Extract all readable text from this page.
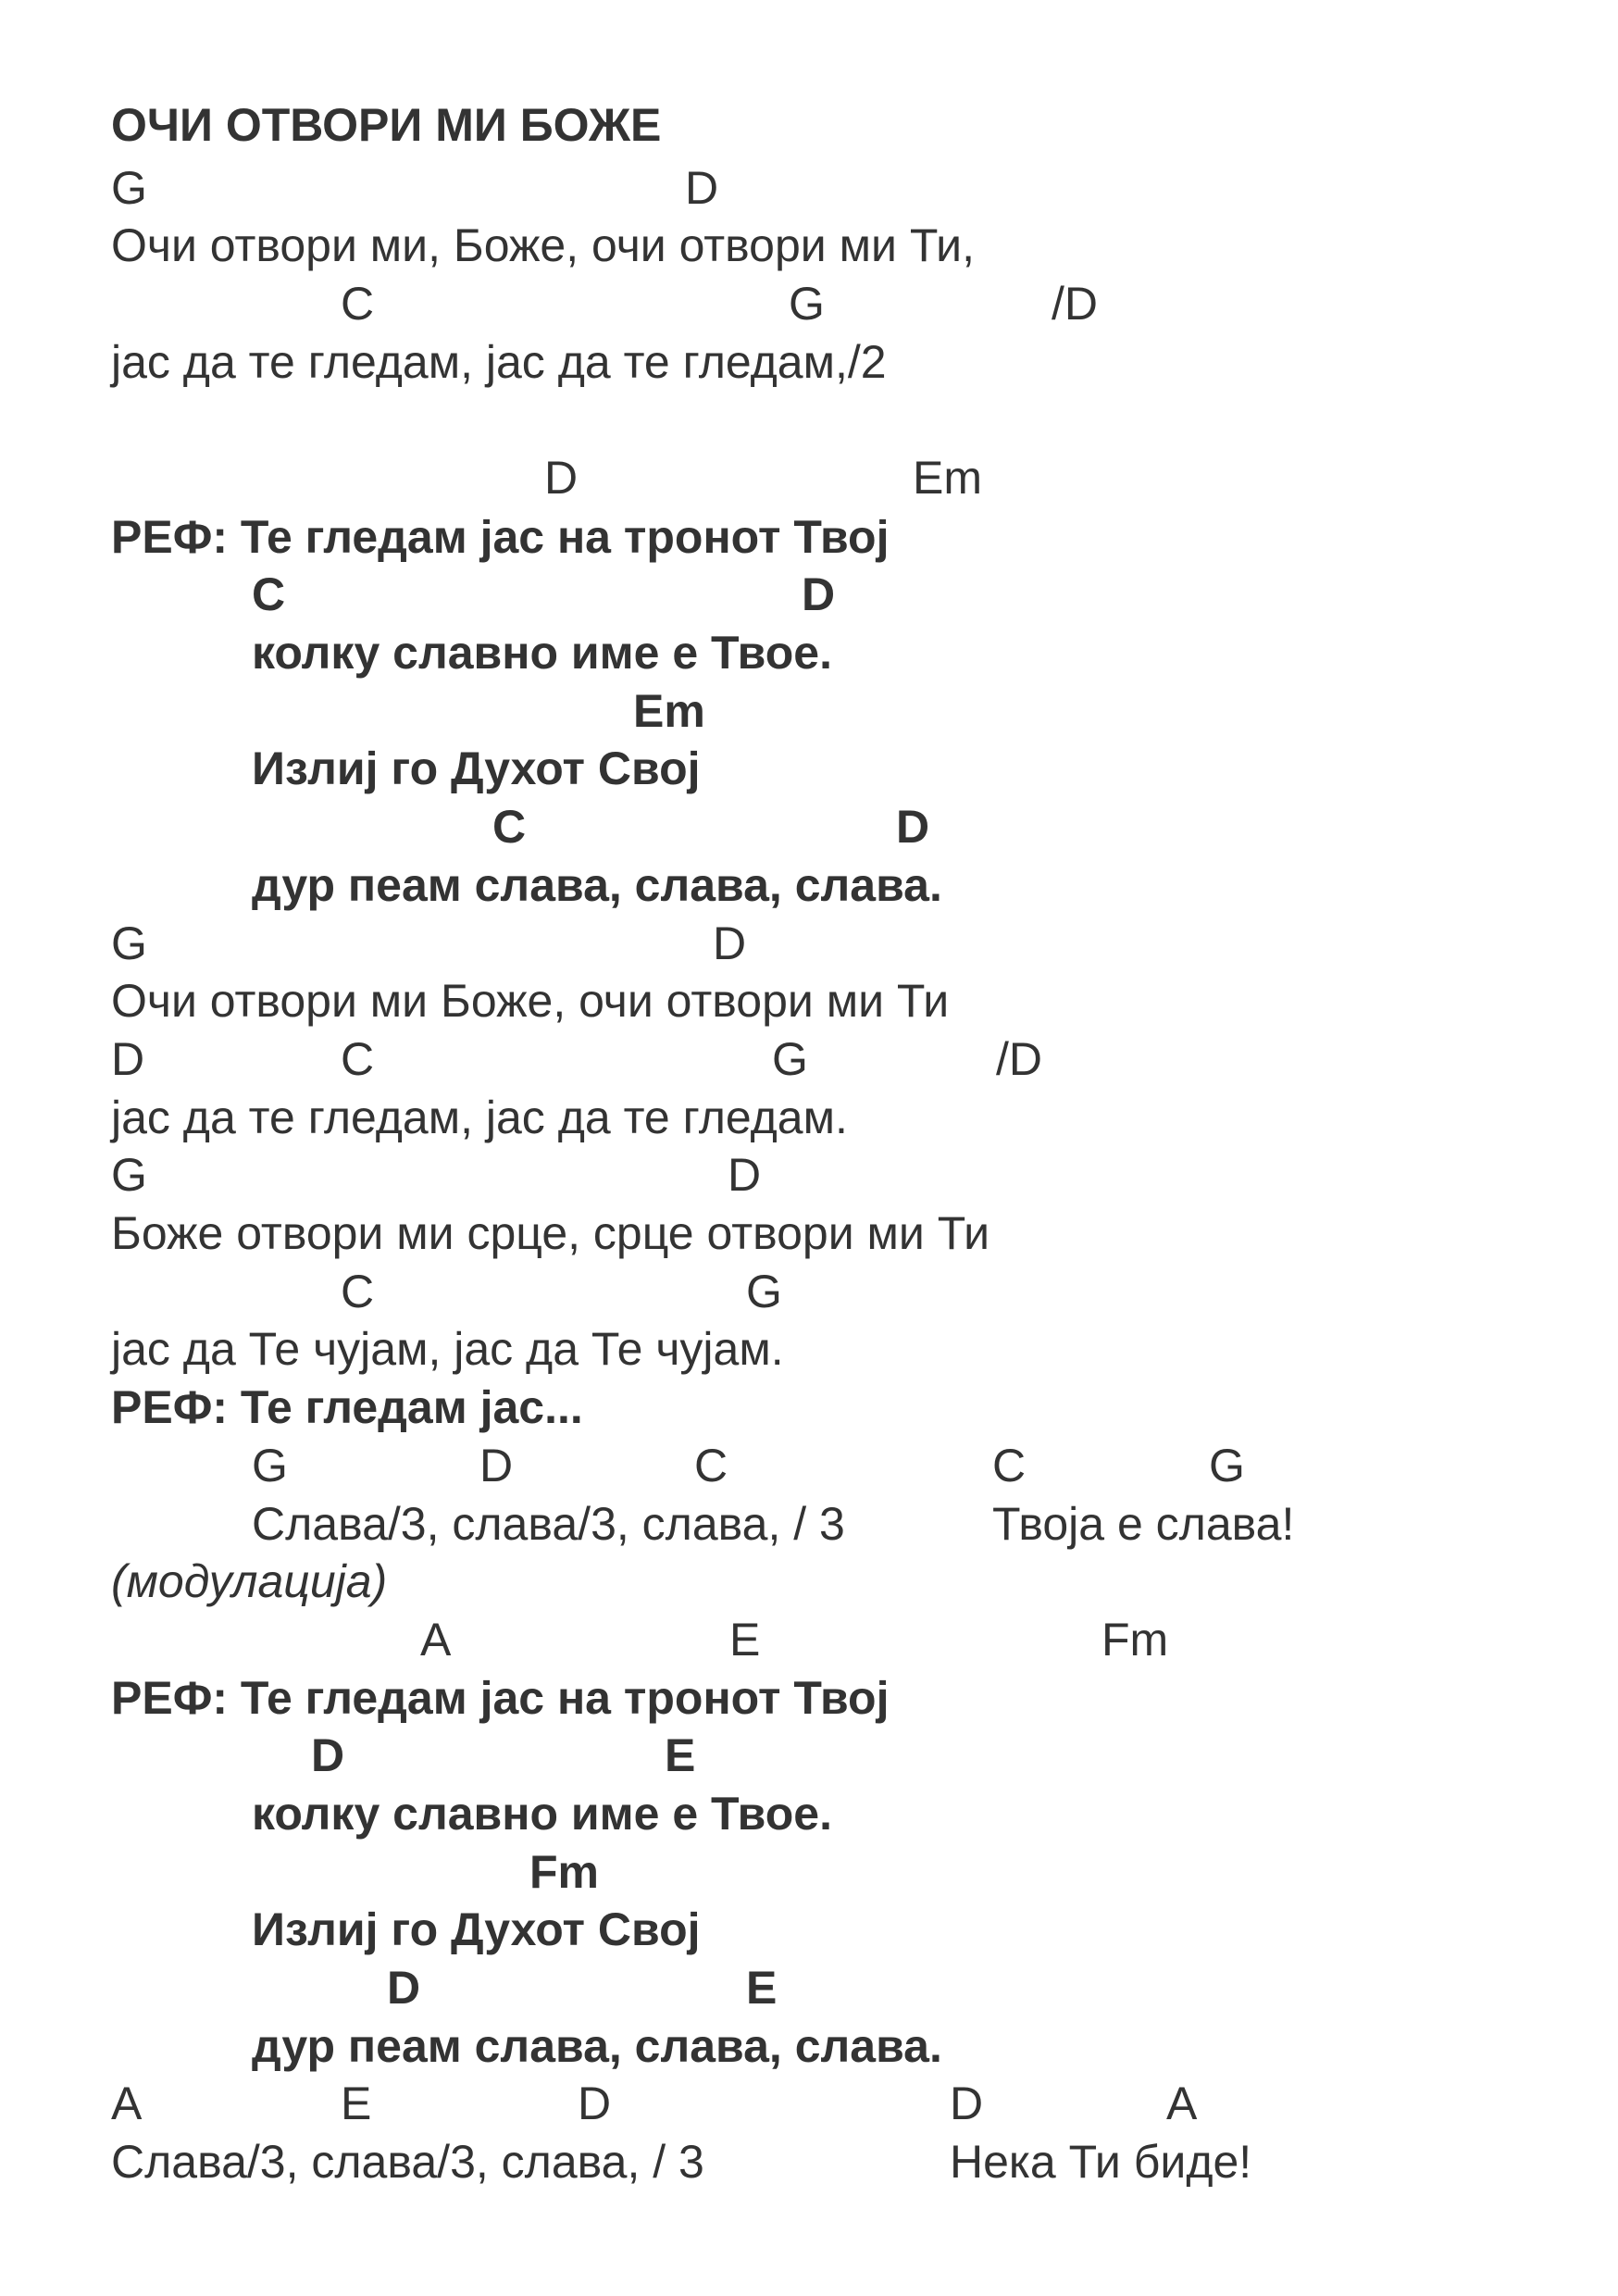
ОЧИ ОТВОРИ МИ БОЖЕ
G	D
Очи отвори ми, Боже, очи отвори ми Ти,
C	G	/D
јас да те гледам, јас да те гледам,/2
D	Em
РЕФ: Те гледам јас на тронот Твој
C	D
колку славно име е Твое.
Em
Излиј го Духот Свој
C	D
дур пеам слава, слава, слава.
G	D
Очи отвори ми Боже, очи отвори ми Ти
D	C	G	/D
јас да те гледам, јас да те гледам.
G	D
Боже отвори ми срце, срце отвори ми Ти
C	G
јас да Те чујам, јас да Те чујам.
РЕФ: Те гледам јас...
G	D	C	C	G
Слава/3, слава/3, слава, / 3	Твоја е слава!
(модулација)
A	E	Fm
РЕФ: Те гледам јас на тронот Твој
D	E
колку славно име е Твое.
Fm
Излиј го Духот Свој
D	E
дур пеам слава, слава, слава.
A	E	D	D	A
Слава/3, слава/3, слава, / 3	Нека Ти биде!
